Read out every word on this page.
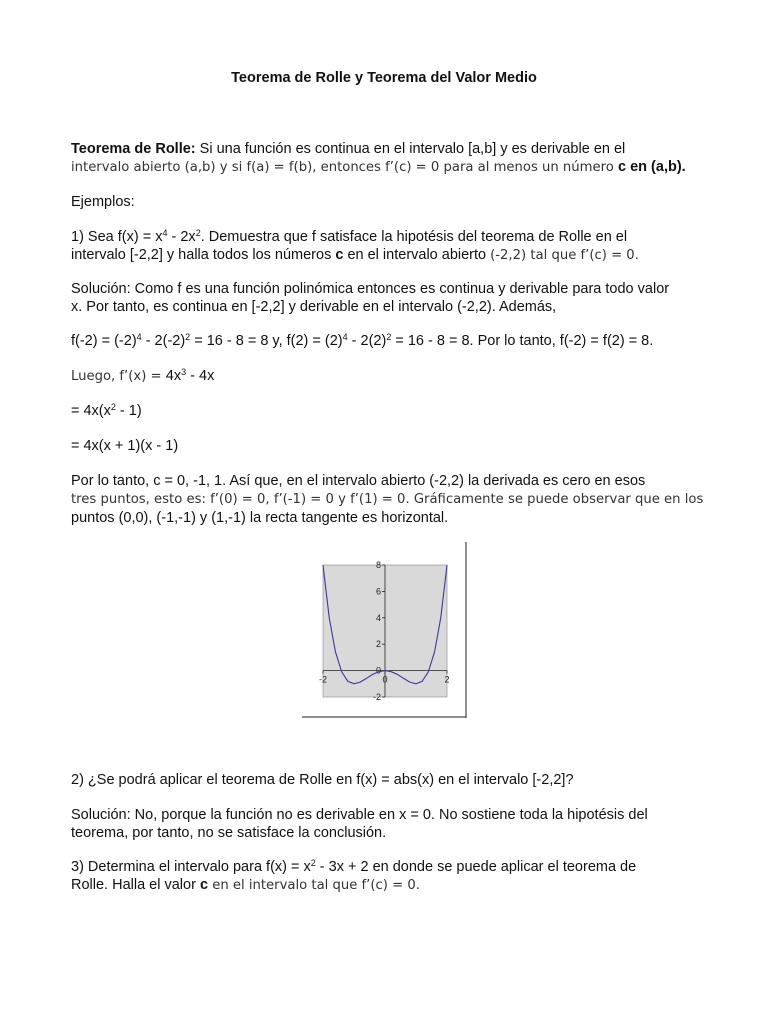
Teorema de Rolle y Teorema del Valor Medio

Teorema de Rolle: Si una función es continua en el intervalo [a,b] y es derivable en el
intervalo abierto (a,b) y si f(a) = f(b), entonces f’(c) = 0 para al menos un número c en (a,b).

Ejemplos:

1) Sea $f(x) = x^4 - 2x^2$. Demuestra que f satisface la hipotésis del teorema de Rolle en el
intervalo [-2,2] y halla todos los números c en el intervalo abierto (-2,2) tal que f’(c) = 0.

Solución: Como f es una función polinómica entonces es continua y derivable para todo valor
x. Por tanto, es continua en [-2,2] y derivable en el intervalo (-2,2). Además,

$f(-2) = (-2)^4 - 2(-2)^2 = 16 - 8 = 8$ y, $f(2) = (2)^4 - 2(2)^2 = 16 - 8 = 8$. Por lo tanto, f(-2) = f(2) = 8.

Luego, f’(x) = $4x^3 - 4x$

= $4x(x^2 - 1)$

= 4x(x + 1)(x - 1)

Por lo tanto, c = 0, -1, 1. Así que, en el intervalo abierto (-2,2) la derivada es cero en esos
tres puntos, esto es: f’(0) = 0, f’(-1) = 0 y f’(1) = 0. Gráficamente se puede observar que en los
puntos (0,0), (-1,-1) y (1,-1) la recta tangente es horizontal.

8
6
4
2
0
-2
-2	0	2

2) ¿Se podrá aplicar el teorema de Rolle en f(x) = abs(x) en el intervalo [-2,2]?

Solución: No, porque la función no es derivable en x = 0. No sostiene toda la hipotésis del
teorema, por tanto, no se satisface la conclusión.

3) Determina el intervalo para $f(x) = x^2 - 3x + 2$ en donde se puede aplicar el teorema de
Rolle. Halla el valor c en el intervalo tal que f’(c) = 0.
